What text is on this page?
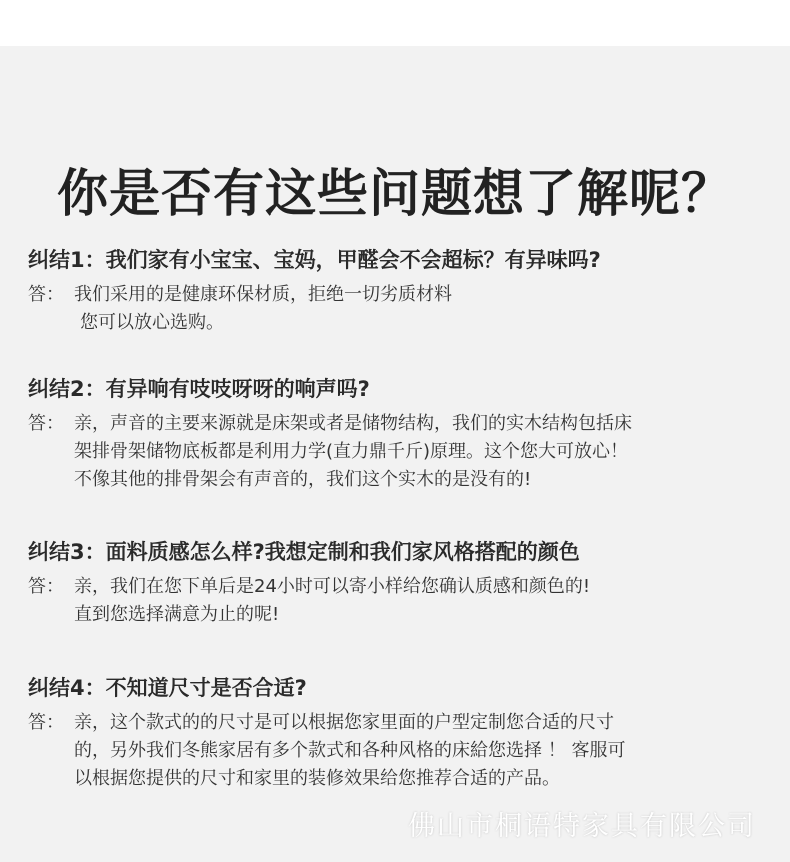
你是否有这些问题想了解呢？
纠结1：我们家有小宝宝、宝妈，甲醛会不会超标？有异味吗?
答： 我们采用的是健康环保材质，拒绝一切劣质材料
您可以放心选购。
纠结2：有异响有吱吱呀呀的响声吗?
答： 亲，声音的主要来源就是床架或者是储物结构，我们的实木结构包括床
架排骨架储物底板都是利用力学(直力鼎千斤)原理。这个您大可放心！
不像其他的排骨架会有声音的，我们这个实木的是没有的!
纠结3：面料质感怎么样?我想定制和我们家风格搭配的颜色
答： 亲，我们在您下单后是24小时可以寄小样给您确认质感和颜色的!
直到您选择满意为止的呢!
纠结4：不知道尺寸是否合适?
答： 亲，这个款式的的尺寸是可以根据您家里面的户型定制您合适的尺寸
的，另外我们冬熊家居有多个款式和各种风格的床給您选择 ！ 客服可
以根据您提供的尺寸和家里的装修效果给您推荐合适的产品。
佛山市桐语特家具有限公司
